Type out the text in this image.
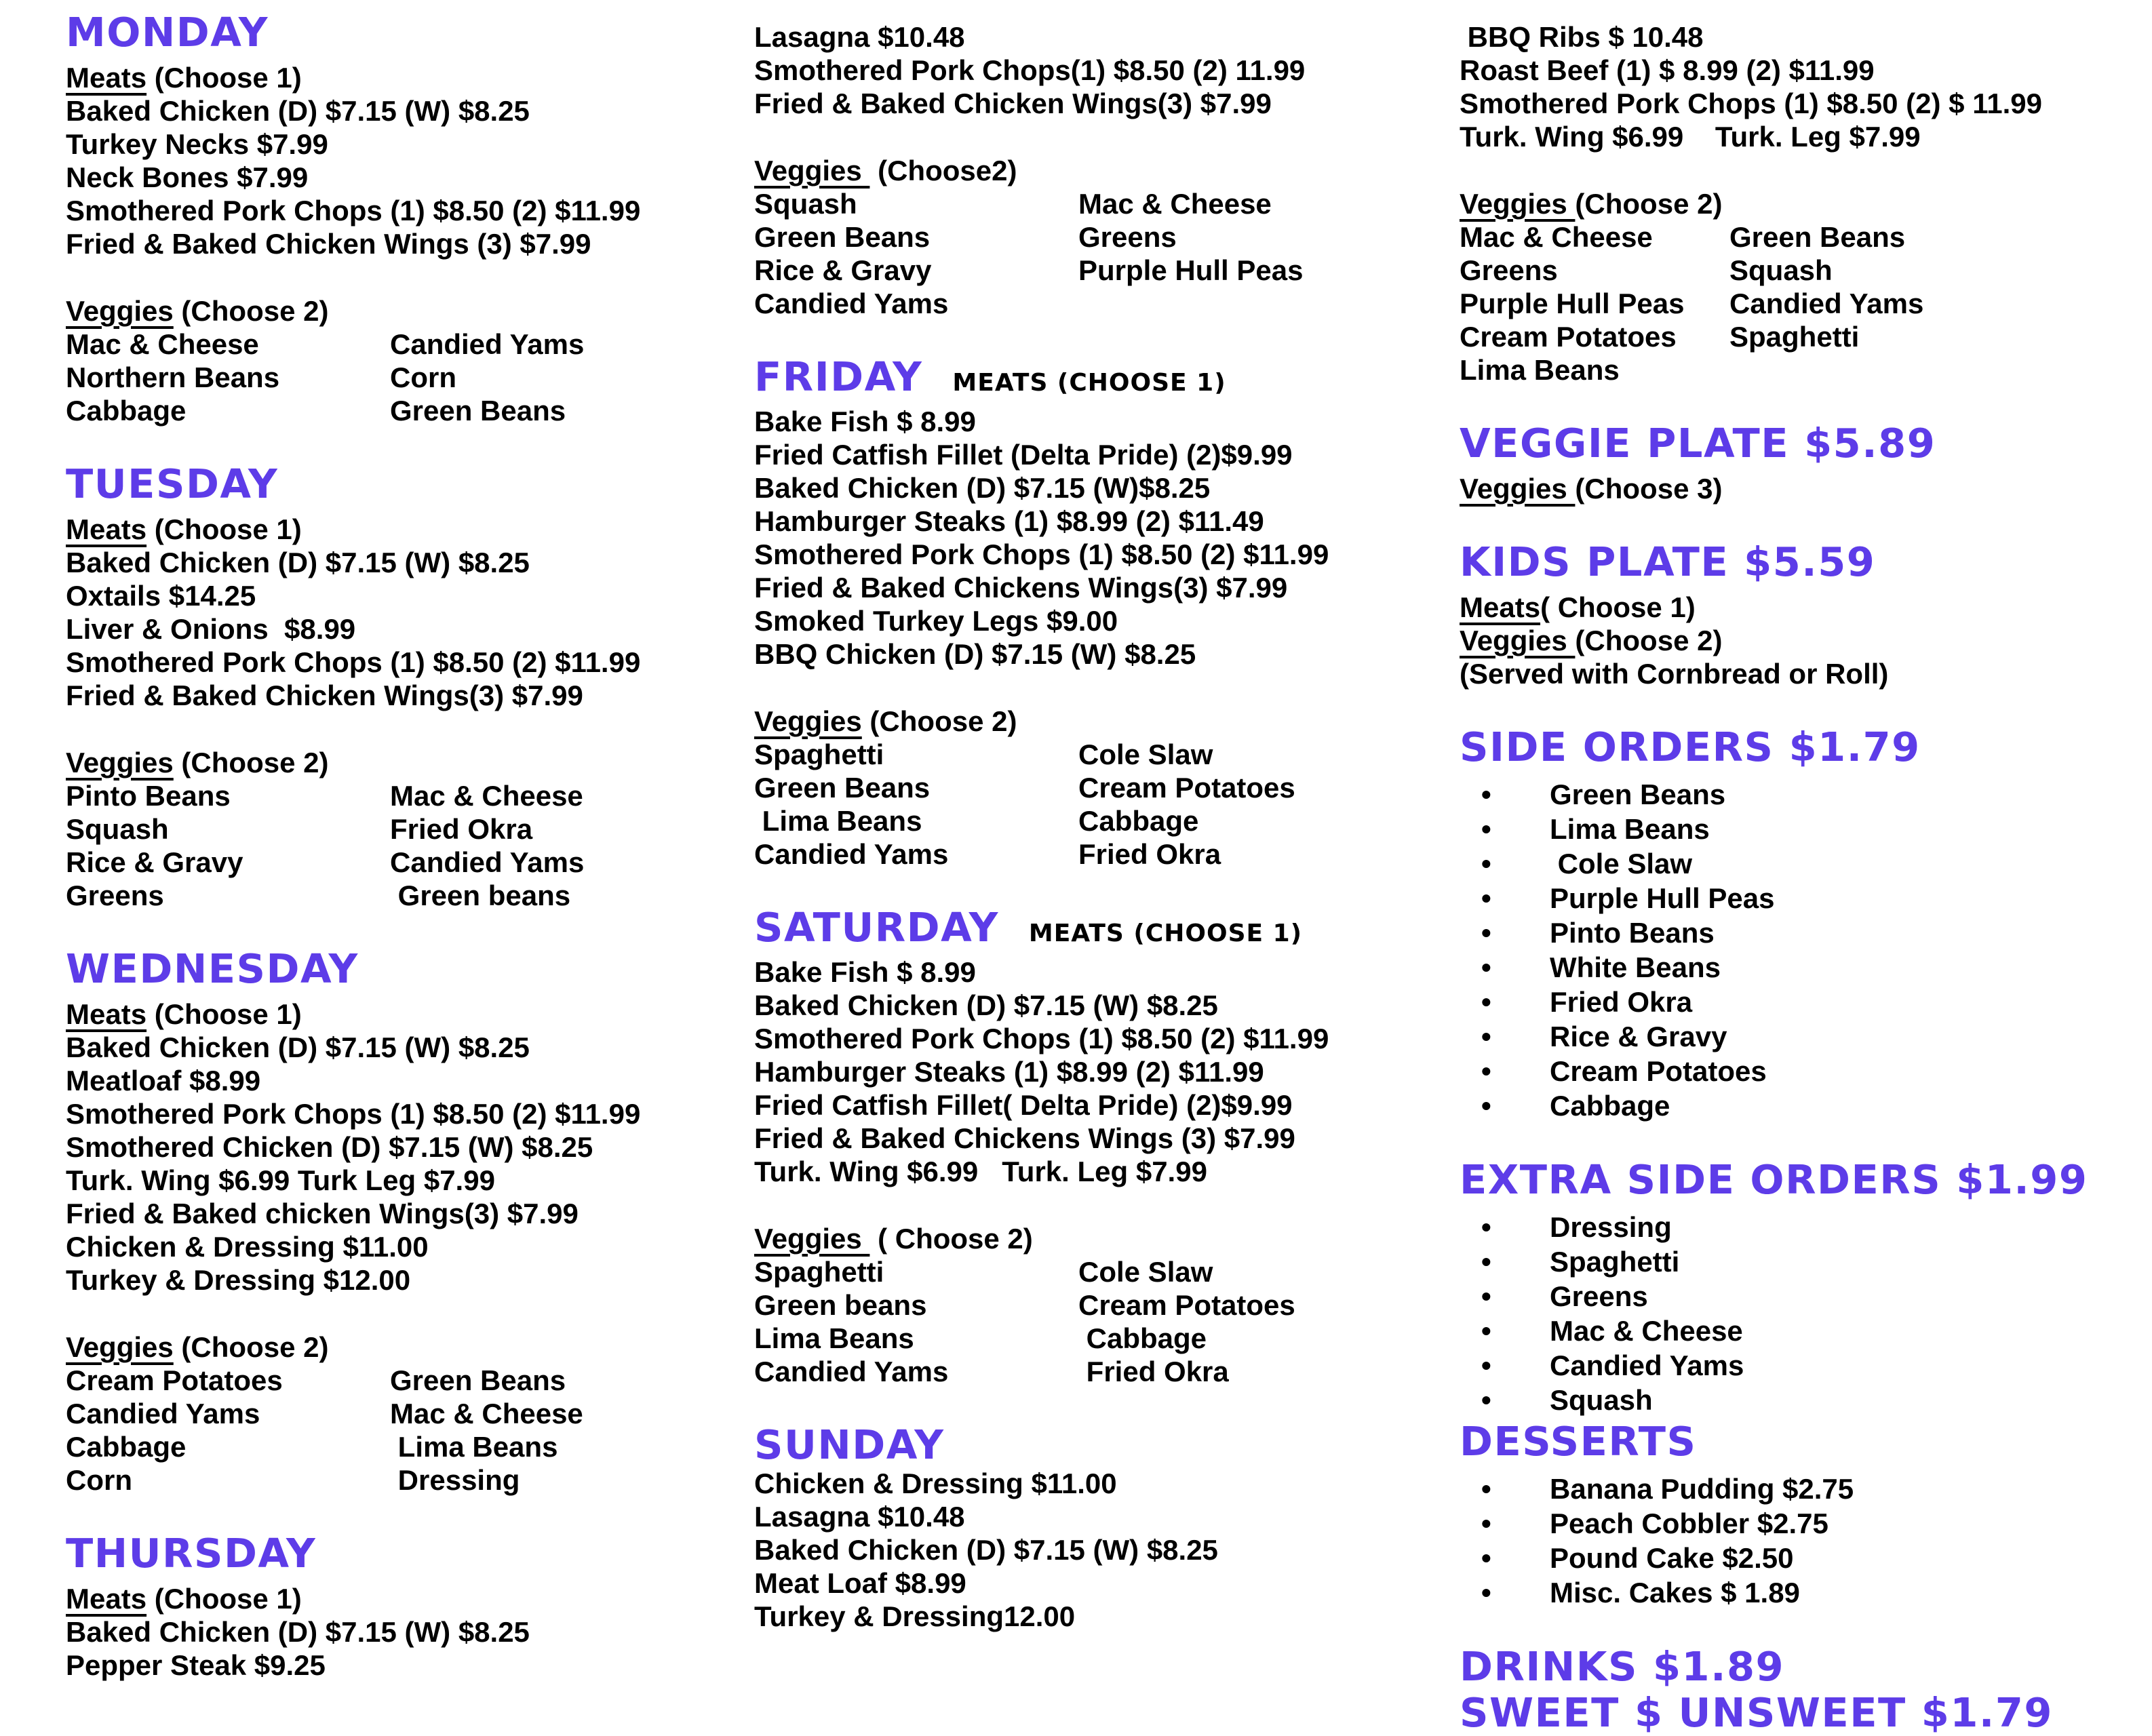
MONDAY
Meats (Choose 1)
Baked Chicken (D) $7.15 (W) $8.25
Turkey Necks $7.99
Neck Bones $7.99
Smothered Pork Chops (1) $8.50 (2) $11.99
Fried & Baked Chicken Wings (3) $7.99
Veggies (Choose 2)
Mac & Cheese	Candied Yams
Northern Beans	Corn
Cabbage	Green Beans
TUESDAY
Meats (Choose 1)
Baked Chicken (D) $7.15 (W) $8.25
Oxtails $14.25
Liver & Onions  $8.99
Smothered Pork Chops (1) $8.50 (2) $11.99
Fried & Baked Chicken Wings(3) $7.99
Veggies (Choose 2)
Pinto Beans	Mac & Cheese
Squash	Fried Okra
Rice & Gravy	Candied Yams
Greens	Green beans
WEDNESDAY
Meats (Choose 1)
Baked Chicken (D) $7.15 (W) $8.25
Meatloaf $8.99
Smothered Pork Chops (1) $8.50 (2) $11.99
Smothered Chicken (D) $7.15 (W) $8.25
Turk. Wing $6.99 Turk Leg $7.99
Fried & Baked chicken Wings(3) $7.99
Chicken & Dressing $11.00
Turkey & Dressing $12.00
Veggies (Choose 2)
Cream Potatoes	Green Beans
Candied Yams	Mac & Cheese
Cabbage	Lima Beans
Corn	Dressing
THURSDAY
Meats (Choose 1)
Baked Chicken (D) $7.15 (W) $8.25
Pepper Steak $9.25
Lasagna $10.48
Smothered Pork Chops(1) $8.50 (2) 11.99
Fried & Baked Chicken Wings(3) $7.99
Veggies  (Choose2)
Squash	Mac & Cheese
Green Beans	Greens
Rice & Gravy	Purple Hull Peas
Candied Yams
FRIDAY MEATS (CHOOSE 1)
Bake Fish $ 8.99
Fried Catfish Fillet (Delta Pride) (2)$9.99
Baked Chicken (D) $7.15 (W)$8.25
Hamburger Steaks (1) $8.99 (2) $11.49
Smothered Pork Chops (1) $8.50 (2) $11.99
Fried & Baked Chickens Wings(3) $7.99
Smoked Turkey Legs $9.00
BBQ Chicken (D) $7.15 (W) $8.25
Veggies (Choose 2)
Spaghetti	Cole Slaw
Green Beans	Cream Potatoes
Lima Beans	Cabbage
Candied Yams	Fried Okra
SATURDAY MEATS (CHOOSE 1)
Bake Fish $ 8.99
Baked Chicken (D) $7.15 (W) $8.25
Smothered Pork Chops (1) $8.50 (2) $11.99
Hamburger Steaks (1) $8.99 (2) $11.99
Fried Catfish Fillet( Delta Pride) (2)$9.99
Fried & Baked Chickens Wings (3) $7.99
Turk. Wing $6.99   Turk. Leg $7.99
Veggies  ( Choose 2)
Spaghetti	Cole Slaw
Green beans	Cream Potatoes
Lima Beans	Cabbage
Candied Yams	Fried Okra
SUNDAY
Chicken & Dressing $11.00
Lasagna $10.48
Baked Chicken (D) $7.15 (W) $8.25
Meat Loaf $8.99
Turkey & Dressing12.00
BBQ Ribs $ 10.48
Roast Beef (1) $ 8.99 (2) $11.99
Smothered Pork Chops (1) $8.50 (2) $ 11.99
Turk. Wing $6.99    Turk. Leg $7.99
Veggies (Choose 2)
Mac & Cheese	Green Beans
Greens	Squash
Purple Hull Peas	Candied Yams
Cream Potatoes	Spaghetti
Lima Beans
VEGGIE PLATE $5.89
Veggies (Choose 3)
KIDS PLATE $5.59
Meats( Choose 1)
Veggies (Choose 2)
(Served with Cornbread or Roll)
SIDE ORDERS $1.79
• Green Beans
• Lima Beans
•  Cole Slaw
• Purple Hull Peas
• Pinto Beans
• White Beans
• Fried Okra
• Rice & Gravy
• Cream Potatoes
• Cabbage
EXTRA SIDE ORDERS $1.99
• Dressing
• Spaghetti
• Greens
• Mac & Cheese
• Candied Yams
• Squash
DESSERTS
• Banana Pudding $2.75
• Peach Cobbler $2.75
• Pound Cake $2.50
• Misc. Cakes $ 1.89
DRINKS $1.89
SWEET $ UNSWEET $1.79
